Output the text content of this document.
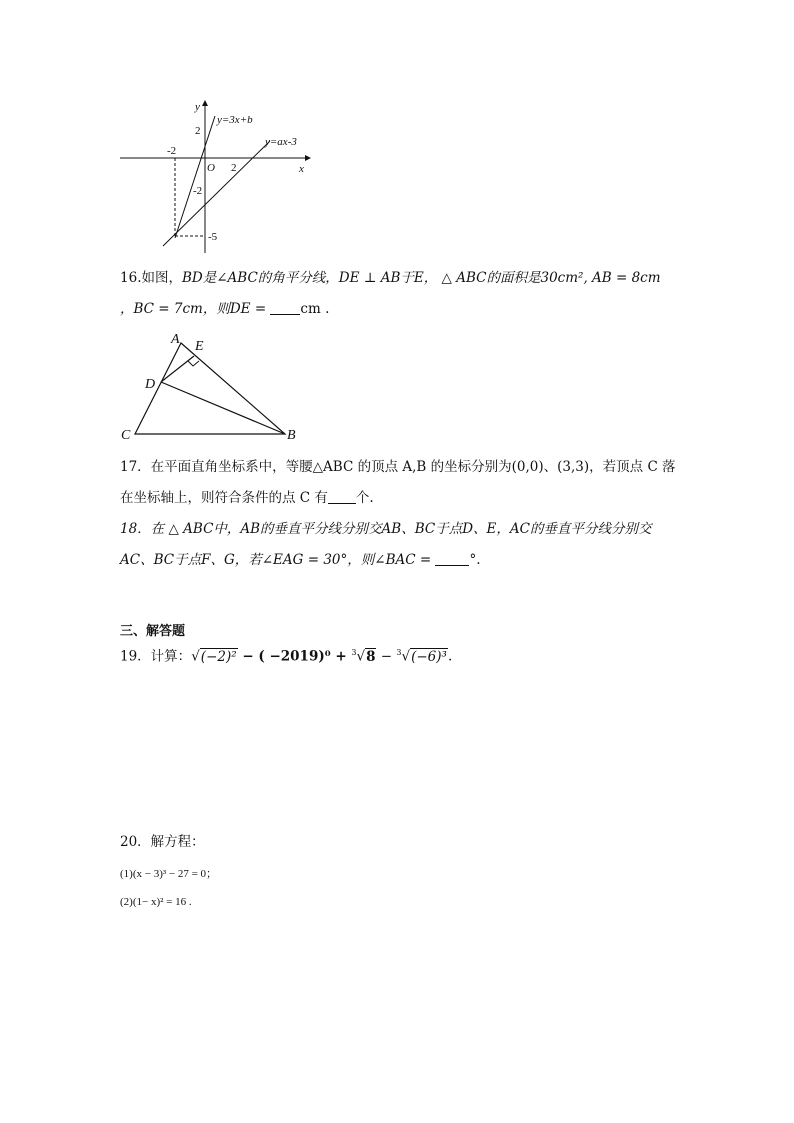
y
x
O
2
-2
-5
-2
2
y=3x+b
y=ax-3
16.如图，BD是∠ABC的角平分线，DE ⊥ AB于E， △ ABC的面积是30cm², AB = 8cm
，BC = 7cm，则DE = cm .
A E
D
C	B
17．在平面直角坐标系中，等腰△ABC 的顶点 A,B 的坐标分别为(0,0)、(3,3)，若顶点 C 落
在坐标轴上，则符合条件的点 C 有 个.
18．在 △ ABC中，AB的垂直平分线分别交AB、BC于点D、E，AC的垂直平分线分别交
AC、BC于点F、G，若∠EAG = 30°，则∠BAC =	°.
三、解答题
19．计算：√(−2)² − ( −2019)⁰ + $^3$√8 − $^3$√(−6)³.
20．解方程：
(1)(x − 3)³ − 27 = 0；
(2)(1− x)² = 16 .
